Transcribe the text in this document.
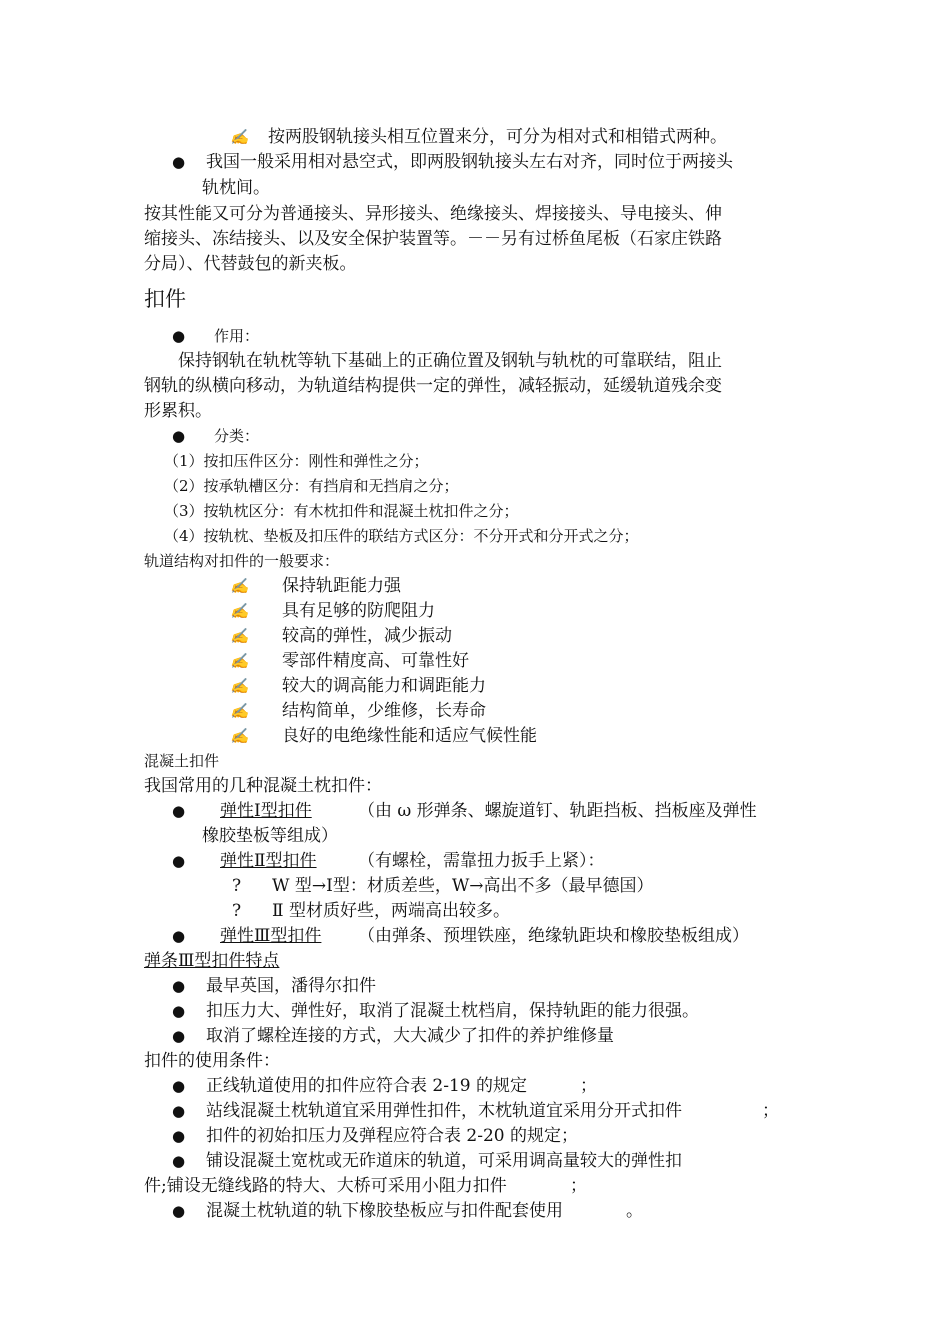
✍ 按两股钢轨接头相互位置来分，可分为相对式和相错式两种。
● 我国一般采用相对悬空式，即两股钢轨接头左右对齐，同时位于两接头
轨枕间。
按其性能又可分为普通接头、异形接头、绝缘接头、焊接接头、导电接头、伸
缩接头、冻结接头、以及安全保护装置等。－－另有过桥鱼尾板（石家庄铁路
分局）、代替鼓包的新夹板。
扣件
● 作用：
保持钢轨在轨枕等轨下基础上的正确位置及钢轨与轨枕的可靠联结，阻止
钢轨的纵横向移动，为轨道结构提供一定的弹性，减轻振动，延缓轨道残余变
形累积。
● 分类：
（1）按扣压件区分：刚性和弹性之分；
（2）按承轨槽区分：有挡肩和无挡肩之分；
（3）按轨枕区分：有木枕扣件和混凝土枕扣件之分；
（4）按轨枕、垫板及扣压件的联结方式区分：不分开式和分开式之分；
轨道结构对扣件的一般要求：
✍ 保持轨距能力强
✍ 具有足够的防爬阻力
✍ 较高的弹性，减少振动
✍ 零部件精度高、可靠性好
✍ 较大的调高能力和调距能力
✍ 结构简单，少维修，长寿命
✍ 良好的电绝缘性能和适应气候性能
混凝土扣件
我国常用的几种混凝土枕扣件：
● 弹性Ⅰ型扣件	（由 ω 形弹条、螺旋道钉、轨距挡板、挡板座及弹性
橡胶垫板等组成）
● 弹性Ⅱ型扣件 （有螺栓，需靠扭力扳手上紧）：
? W 型→Ⅰ型：材质差些，W→高出不多（最早德国）
? Ⅱ 型材质好些，两端高出较多。
● 弹性Ⅲ型扣件 （由弹条、预埋铁座，绝缘轨距块和橡胶垫板组成）
弹条Ⅲ型扣件特点
● 最早英国，潘得尔扣件
● 扣压力大、弹性好，取消了混凝土枕档肩，保持轨距的能力很强。
● 取消了螺栓连接的方式，大大减少了扣件的养护维修量
扣件的使用条件：
● 正线轨道使用的扣件应符合表 2-19 的规定	；
● 站线混凝土枕轨道宜采用弹性扣件，木枕轨道宜采用分开式扣件	；
● 扣件的初始扣压力及弹程应符合表 2-20 的规定；
● 铺设混凝土宽枕或无砟道床的轨道，可采用调高量较大的弹性扣
件;铺设无缝线路的特大、大桥可采用小阻力扣件	；
● 混凝土枕轨道的轨下橡胶垫板应与扣件配套使用	。
